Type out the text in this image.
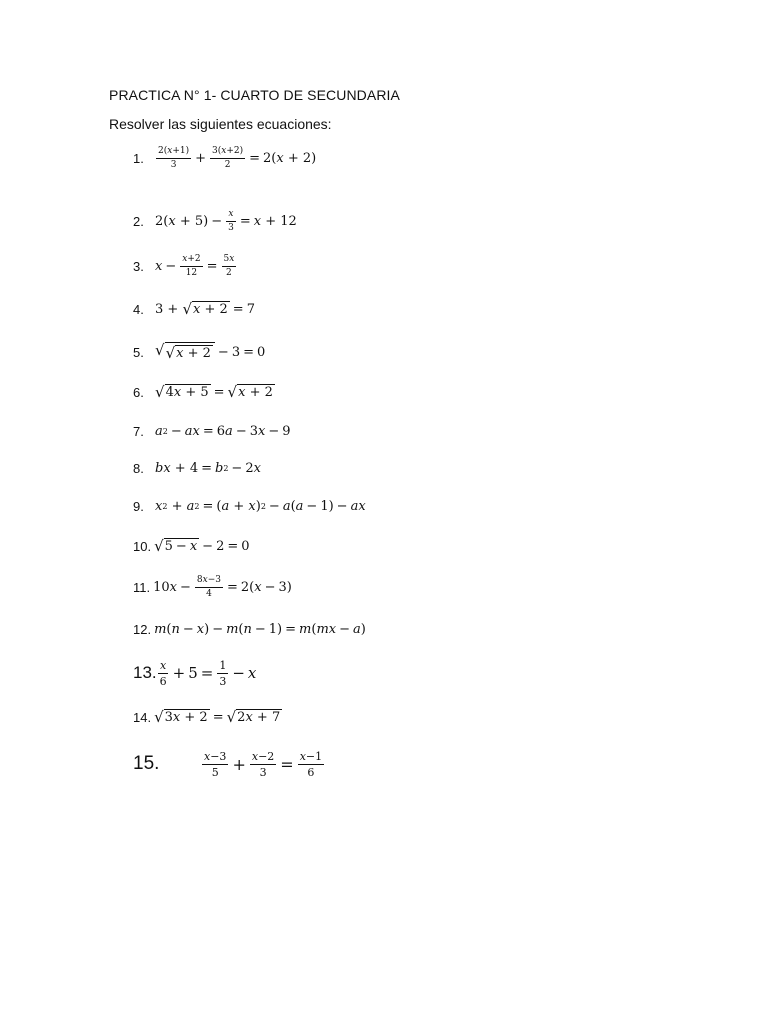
PRACTICA N° 1- CUARTO DE SECUNDARIA
Resolver las siguientes ecuaciones:
1.	$\frac{2(x+1)}{3} + \frac{3(x+2)}{2} = 2$( x + 2)
2. 2( $x + 5) - \frac{x}{3} = x + 12$
3. $x - \frac{x+2}{12} = \frac{5x}{2}$
4. 3 + √ x + 2 = 7
5. √ √ x + 2 − 3 = 0
6. √ 4x + 5 = √ x + 2
7. a 2 − ax = 6 a − 3 x − 9
8. bx + 4 = b 2 − 2 x
9. x 2 + a 2 = ( a + x ) 2 − a ( a − 1) − ax
10. √ 5 − x − 2 = 0
11. 10 $x - \frac{8x-3}{4} = 2$( x − 3)
12. m ( n − x ) − m ( n − 1) = m ( mx − a )
13. $\frac{x}{6} + 5 = \frac{1}{3} - x$
14. √ 3x + 2 = √ 2x + 7
15.	$\frac{x-3}{5} + \frac{x-2}{3} = \frac{x-1}{6}$
